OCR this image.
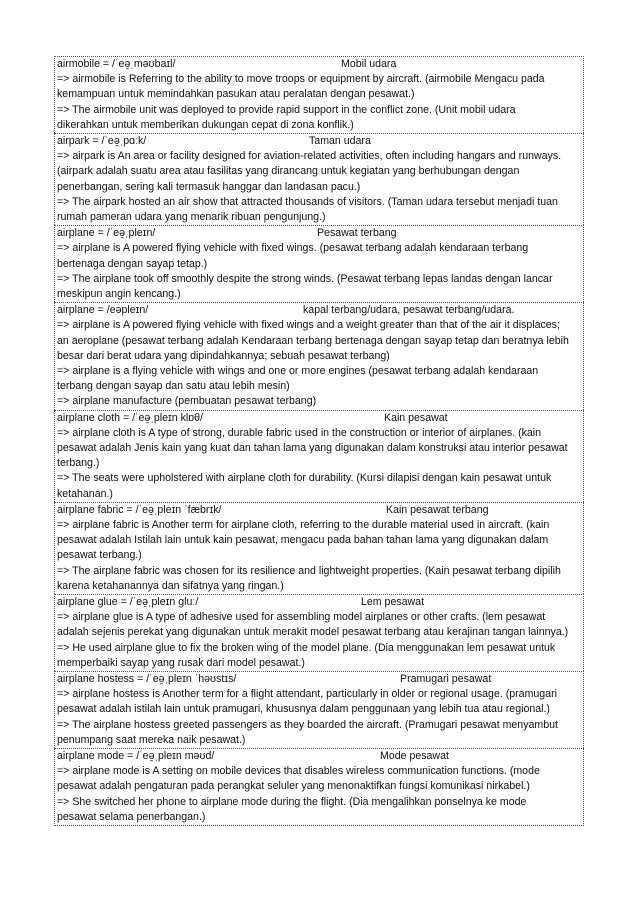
airmobile = /ˈeə̯ˌməʊbaɪl/	Mobil udara
=> airmobile is Referring to the ability to move troops or equipment by aircraft. (airmobile Mengacu pada
kemampuan untuk memindahkan pasukan atau peralatan dengan pesawat.)
=> The airmobile unit was deployed to provide rapid support in the conflict zone. (Unit mobil udara
dikerahkan untuk memberikan dukungan cepat di zona konflik.)
airpark = /ˈeə̯ˌpɑːk/	Taman udara
=> airpark is An area or facility designed for aviation-related activities, often including hangars and runways.
(airpark adalah suatu area atau fasilitas yang dirancang untuk kegiatan yang berhubungan dengan
penerbangan, sering kali termasuk hanggar dan landasan pacu.)
=> The airpark hosted an air show that attracted thousands of visitors. (Taman udara tersebut menjadi tuan
rumah pameran udara yang menarik ribuan pengunjung.)
airplane = /ˈeə̯ˌpleɪn/	Pesawat terbang
=> airplane is A powered flying vehicle with fixed wings. (pesawat terbang adalah kendaraan terbang
bertenaga dengan sayap tetap.)
=> The airplane took off smoothly despite the strong winds. (Pesawat terbang lepas landas dengan lancar
meskipun angin kencang.)
airplane = /eəpleɪn/	kapal terbang/udara, pesawat terbang/udara.
=> airplane is A powered flying vehicle with fixed wings and a weight greater than that of the air it displaces;
an aeroplane (pesawat terbang adalah Kendaraan terbang bertenaga dengan sayap tetap dan beratnya lebih
besar dari berat udara yang dipindahkannya; sebuah pesawat terbang)
=> airplane is a flying vehicle with wings and one or more engines (pesawat terbang adalah kendaraan
terbang dengan sayap dan satu atau lebih mesin)
=> airplane manufacture (pembuatan pesawat terbang)
airplane cloth = /ˈeə̯ˌpleɪn klɒθ/	Kain pesawat
=> airplane cloth is A type of strong, durable fabric used in the construction or interior of airplanes. (kain
pesawat adalah Jenis kain yang kuat dan tahan lama yang digunakan dalam konstruksi atau interior pesawat
terbang.)
=> The seats were upholstered with airplane cloth for durability. (Kursi dilapisi dengan kain pesawat untuk
ketahanan.)
airplane fabric = /ˈeə̯ˌpleɪn ˈfæbrɪk/	Kain pesawat terbang
=> airplane fabric is Another term for airplane cloth, referring to the durable material used in aircraft. (kain
pesawat adalah Istilah lain untuk kain pesawat, mengacu pada bahan tahan lama yang digunakan dalam
pesawat terbang.)
=> The airplane fabric was chosen for its resilience and lightweight properties. (Kain pesawat terbang dipilih
karena ketahanannya dan sifatnya yang ringan.)
airplane glue = /ˈeə̯ˌpleɪn gluː/	Lem pesawat
=> airplane glue is A type of adhesive used for assembling model airplanes or other crafts. (lem pesawat
adalah sejenis perekat yang digunakan untuk merakit model pesawat terbang atau kerajinan tangan lainnya.)
=> He used airplane glue to fix the broken wing of the model plane. (Dia menggunakan lem pesawat untuk
memperbaiki sayap yang rusak dari model pesawat.)
airplane hostess = /ˈeə̯ˌpleɪn ˈhəʊstɪs/	Pramugari pesawat
=> airplane hostess is Another term for a flight attendant, particularly in older or regional usage. (pramugari
pesawat adalah istilah lain untuk pramugari, khususnya dalam penggunaan yang lebih tua atau regional.)
=> The airplane hostess greeted passengers as they boarded the aircraft. (Pramugari pesawat menyambut
penumpang saat mereka naik pesawat.)
airplane mode = /ˈeə̯ˌpleɪn məʊd/	Mode pesawat
=> airplane mode is A setting on mobile devices that disables wireless communication functions. (mode
pesawat adalah pengaturan pada perangkat seluler yang menonaktifkan fungsi komunikasi nirkabel.)
=> She switched her phone to airplane mode during the flight. (Dia mengalihkan ponselnya ke mode
pesawat selama penerbangan.)
